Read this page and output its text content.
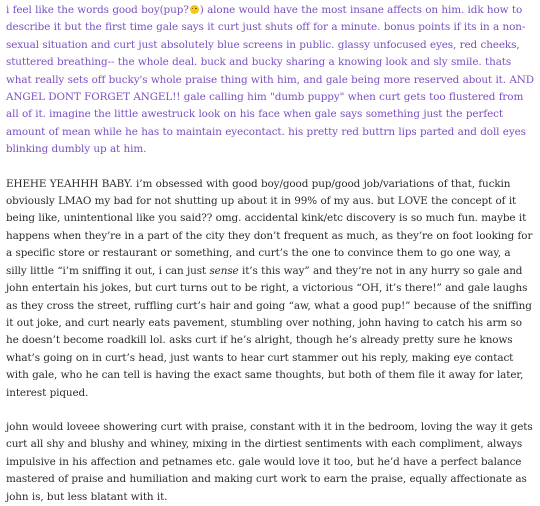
i feel like the words good boy(pup? ) alone would have the most insane affects on him. idk how to describe it but the first time gale says it curt just shuts off for a minute. bonus points if its in a non-sexual situation and curt just absolutely blue screens in public. glassy unfocused eyes, red cheeks, stuttered breathing-- the whole deal. buck and bucky sharing a knowing look and sly smile. thats what really sets off bucky's whole praise thing with him, and gale being more reserved about it. AND ANGEL DONT FORGET ANGEL!! gale calling him "dumb puppy" when curt gets too flustered from all of it. imagine the little awestruck look on his face when gale says something just the perfect amount of mean while he has to maintain eyecontact. his pretty red buttrn lips parted and doll eyes blinking dumbly up at him.

EHEHE YEAHHH BABY. i’m obsessed with good boy/good pup/good job/variations of that, fuckin obviously LMAO my bad for not shutting up about it in 99% of my aus. but LOVE the concept of it being like, unintentional like you said?? omg. accidental kink/etc discovery is so much fun. maybe it happens when they’re in a part of the city they don’t frequent as much, as they’re on foot looking for a specific store or restaurant or something, and curt’s the one to convince them to go one way, a silly little “i’m sniffing it out, i can just sense it’s this way” and they’re not in any hurry so gale and john entertain his jokes, but curt turns out to be right, a victorious “OH, it’s there!” and gale laughs as they cross the street, ruffling curt’s hair and going “aw, what a good pup!” because of the sniffing it out joke, and curt nearly eats pavement, stumbling over nothing, john having to catch his arm so he doesn’t become roadkill lol. asks curt if he’s alright, though he’s already pretty sure he knows what’s going on in curt’s head, just wants to hear curt stammer out his reply, making eye contact with gale, who he can tell is having the exact same thoughts, but both of them file it away for later, interest piqued.

john would loveee showering curt with praise, constant with it in the bedroom, loving the way it gets curt all shy and blushy and whiney, mixing in the dirtiest sentiments with each compliment, always impulsive in his affection and petnames etc. gale would love it too, but he’d have a perfect balance mastered of praise and humiliation and making curt work to earn the praise, equally affectionate as john is, but less blatant with it.
